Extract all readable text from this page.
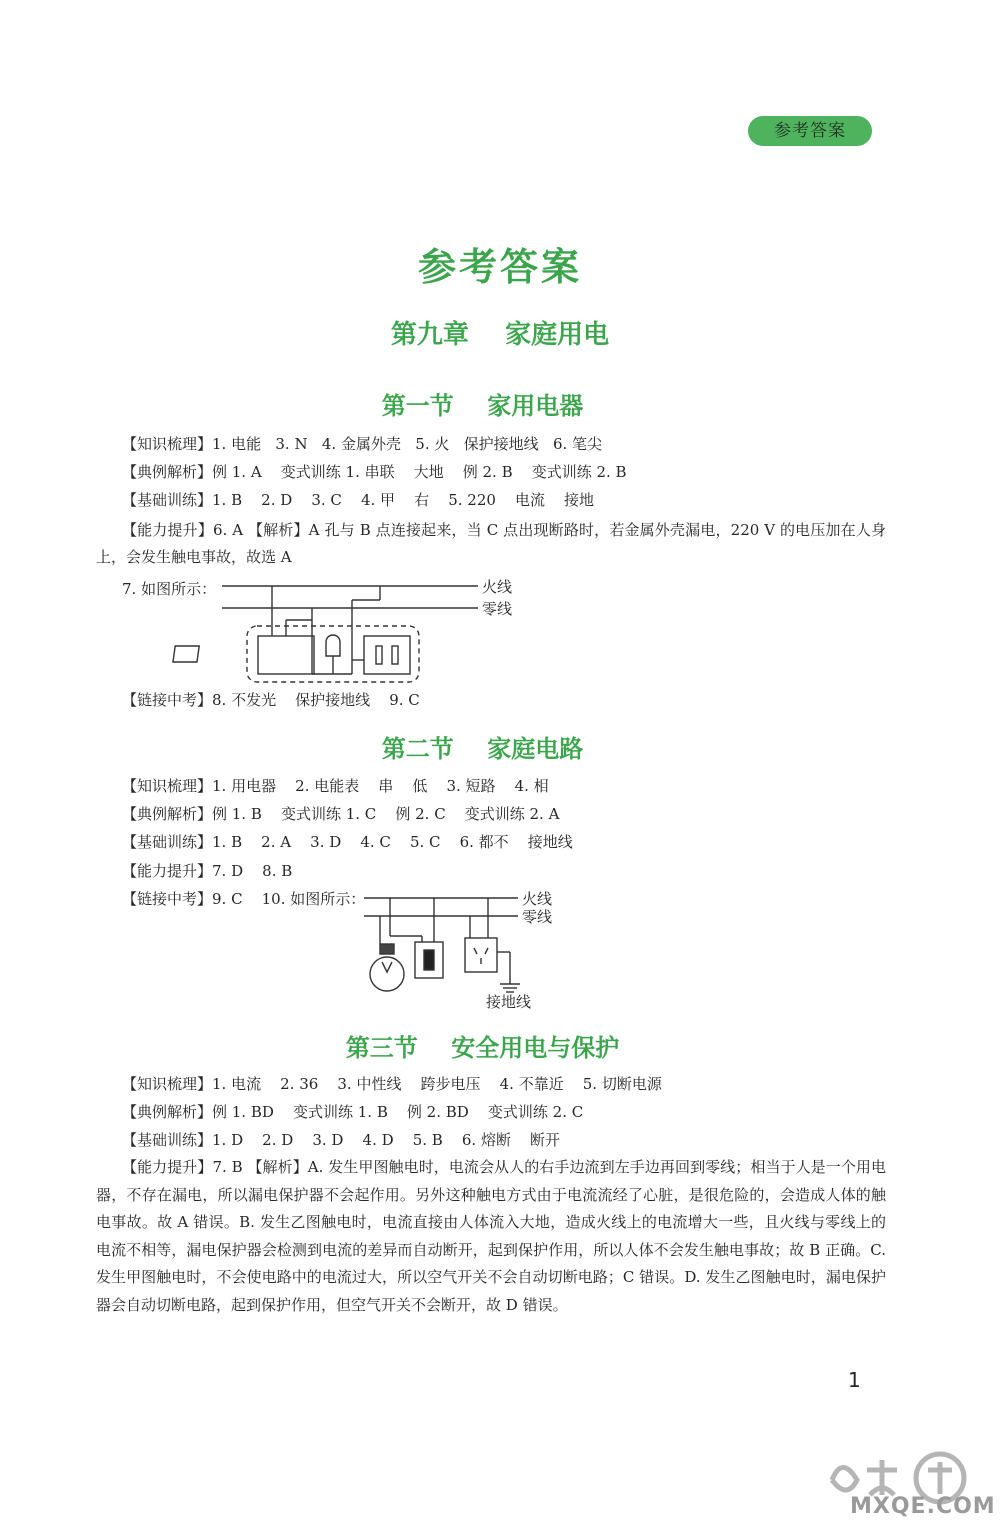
参考答案
参考答案
第九章    家庭用电
第一节    家用电器
【知识梳理】1. 电能   3. N   4. 金属外壳   5. 火   保护接地线   6. 笔尖
【典例解析】例 1. A    变式训练 1. 串联    大地    例 2. B    变式训练 2. B
【基础训练】1. B    2. D    3. C    4. 甲    右    5. 220    电流    接地
【能力提升】6. A 【解析】A 孔与 B 点连接起来，当 C 点出现断路时，若金属外壳漏电，220 V 的电压加在人身上，会发生触电事故，故选 A
7. 如图所示：	火线
零线
【链接中考】8. 不发光    保护接地线    9. C
第二节    家庭电路
【知识梳理】1. 用电器    2. 电能表    串    低    3. 短路    4. 相
【典例解析】例 1. B    变式训练 1. C    例 2. C    变式训练 2. A
【基础训练】1. B    2. A    3. D    4. C    5. C    6. 都不    接地线
【能力提升】7. D    8. B
【链接中考】9. C    10. 如图所示：	火线
零线
接地线
第三节    安全用电与保护
【知识梳理】1. 电流    2. 36    3. 中性线    跨步电压    4. 不靠近    5. 切断电源
【典例解析】例 1. BD    变式训练 1. B    例 2. BD    变式训练 2. C
【基础训练】1. D    2. D    3. D    4. D    5. B    6. 熔断    断开
【能力提升】7. B 【解析】A. 发生甲图触电时，电流会从人的右手边流到左手边再回到零线；相当于人是一个用电器，不存在漏电，所以漏电保护器不会起作用。另外这种触电方式由于电流流经了心脏，是很危险的，会造成人体的触电事故。故 A 错误。B. 发生乙图触电时，电流直接由人体流入大地，造成火线上的电流增大一些，且火线与零线上的电流不相等，漏电保护器会检测到电流的差异而自动断开，起到保护作用，所以人体不会发生触电事故；故 B 正确。C. 发生甲图触电时，不会使电路中的电流过大，所以空气开关不会自动切断电路；C 错误。D. 发生乙图触电时，漏电保护器会自动切断电路，起到保护作用，但空气开关不会断开，故 D 错误。
1
MXQE.COM
